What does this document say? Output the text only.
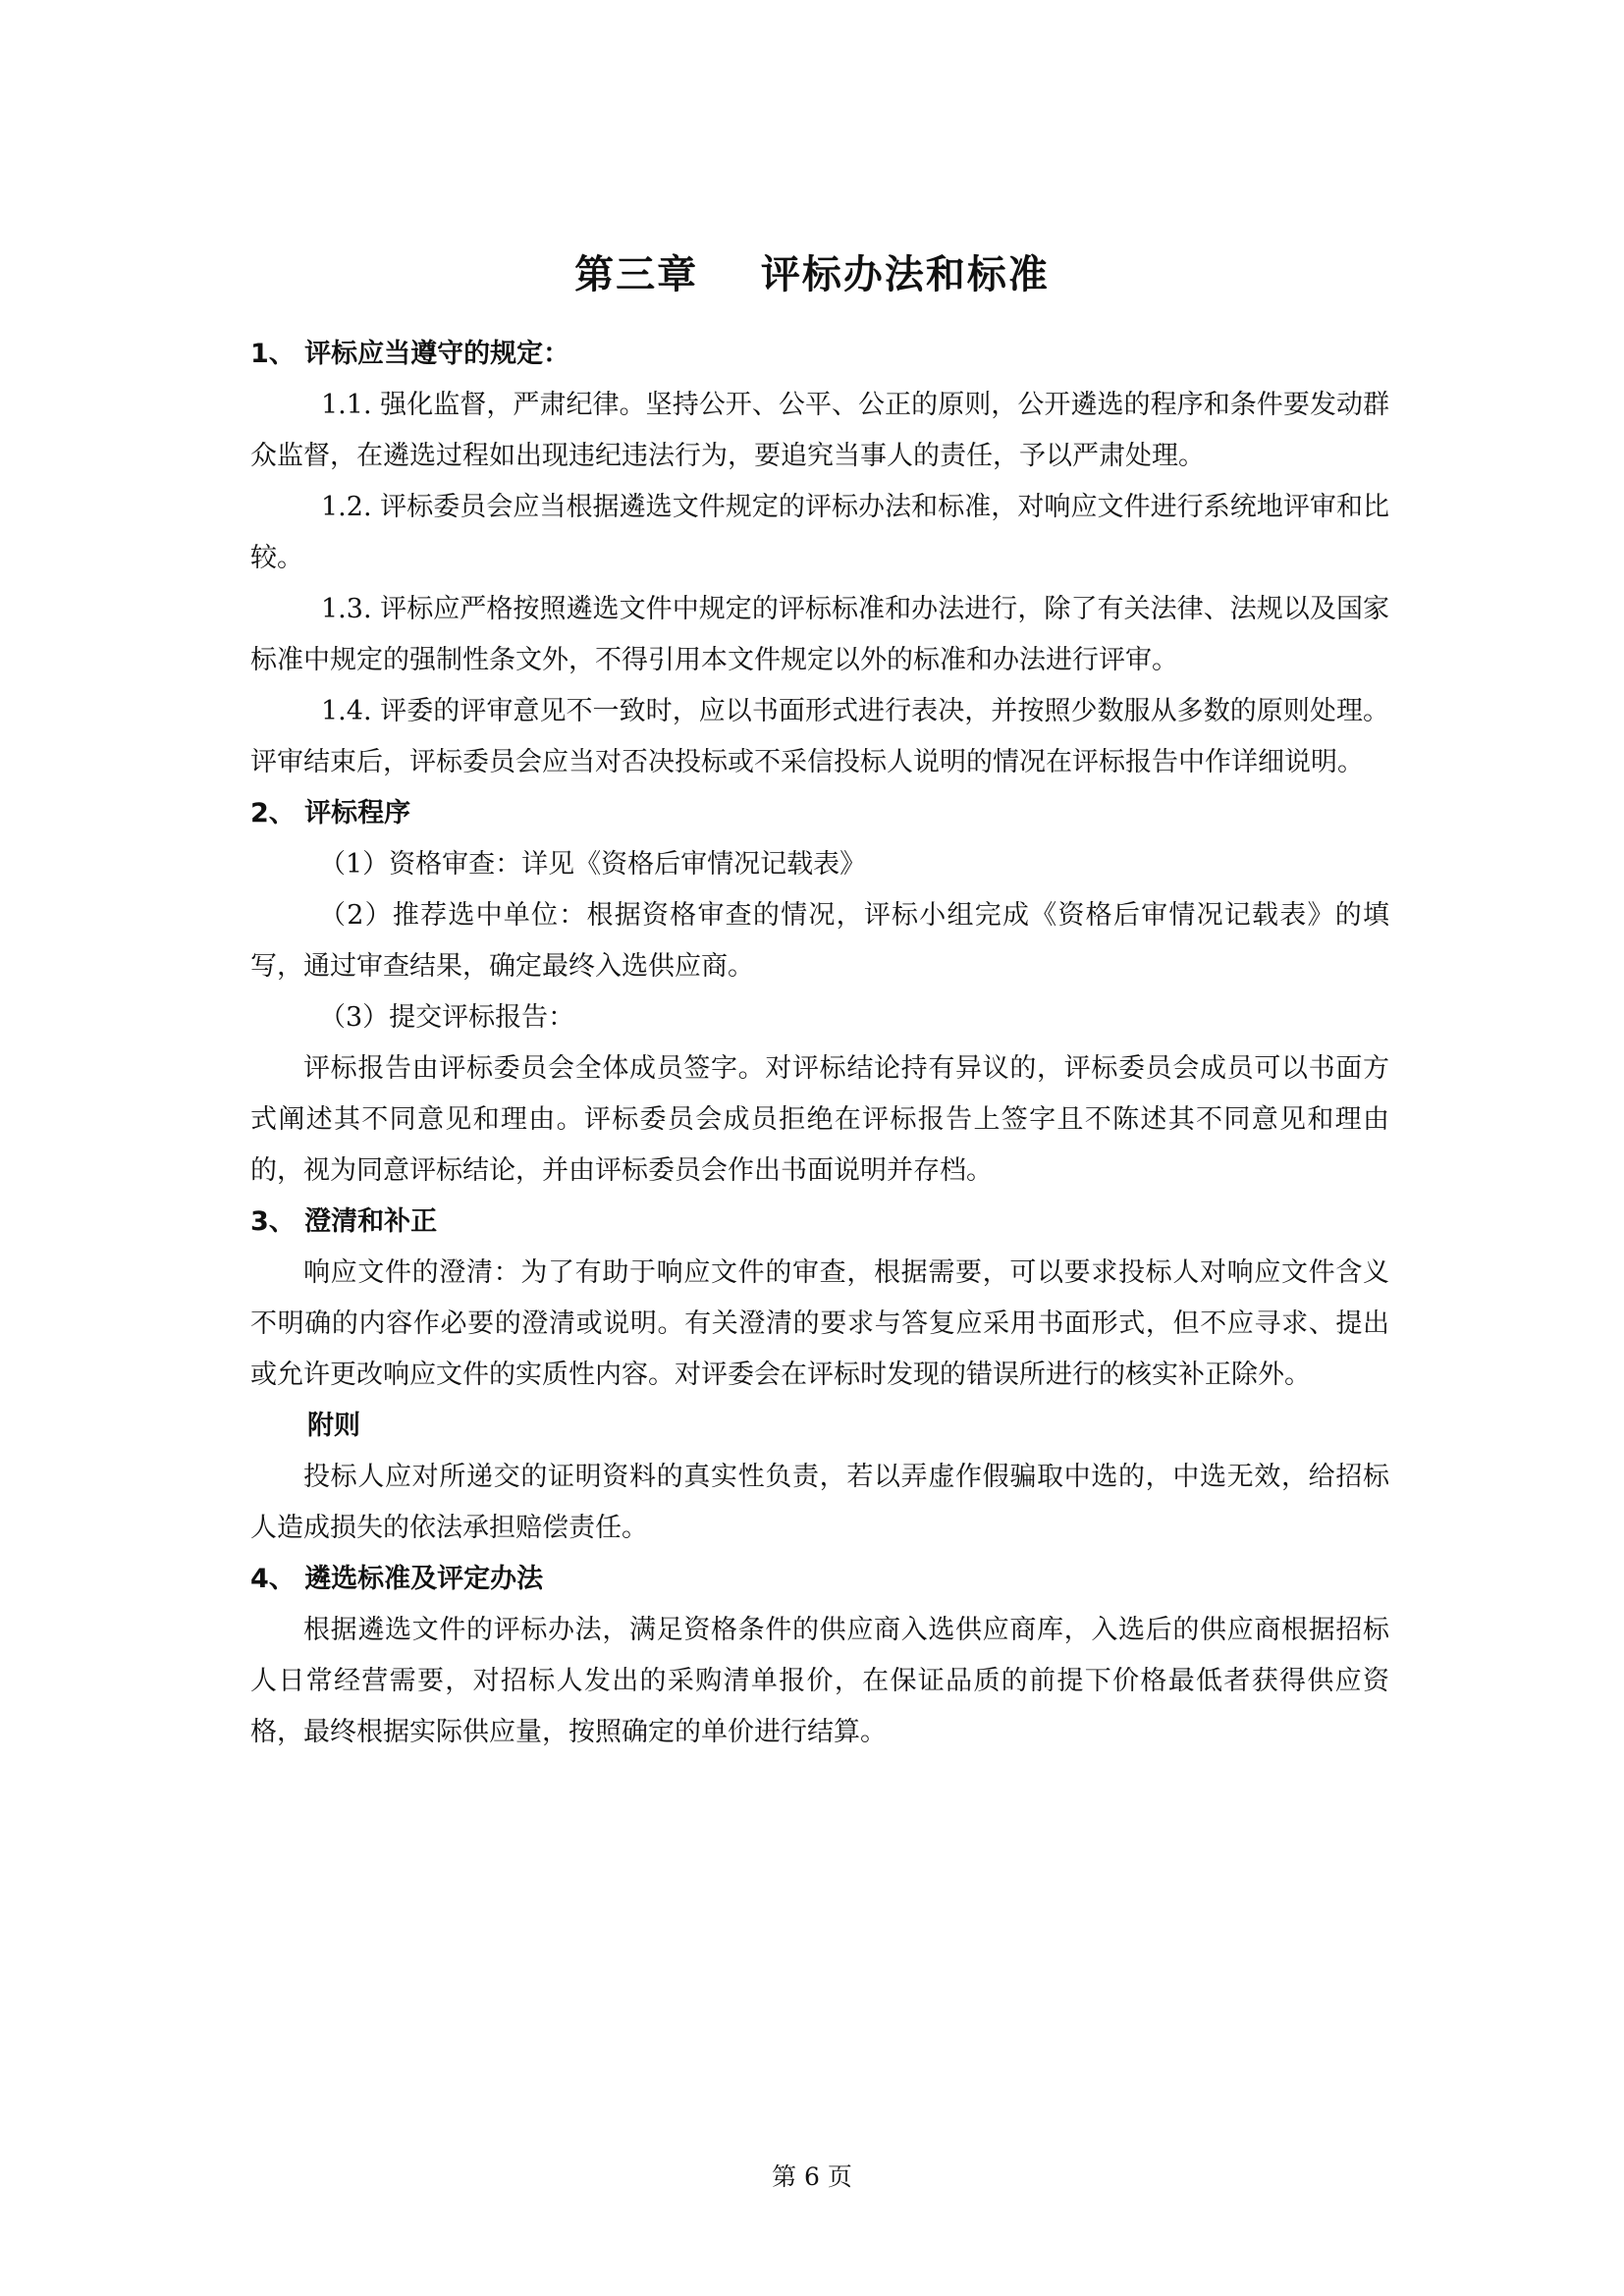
第三章    评标办法和标准

1、 评标应当遵守的规定：

1.1. 强化监督，严肃纪律。坚持公开、公平、公正的原则，公开遴选的程序和条件要发动群众监督，在遴选过程如出现违纪违法行为，要追究当事人的责任，予以严肃处理。

1.2. 评标委员会应当根据遴选文件规定的评标办法和标准，对响应文件进行系统地评审和比较。

1.3. 评标应严格按照遴选文件中规定的评标标准和办法进行，除了有关法律、法规以及国家标准中规定的强制性条文外，不得引用本文件规定以外的标准和办法进行评审。

1.4. 评委的评审意见不一致时，应以书面形式进行表决，并按照少数服从多数的原则处理。评审结束后，评标委员会应当对否决投标或不采信投标人说明的情况在评标报告中作详细说明。

2、 评标程序

（1）资格审查：详见《资格后审情况记载表》

（2）推荐选中单位：根据资格审查的情况，评标小组完成《资格后审情况记载表》的填写，通过审查结果，确定最终入选供应商。

（3）提交评标报告：

评标报告由评标委员会全体成员签字。对评标结论持有异议的，评标委员会成员可以书面方式阐述其不同意见和理由。评标委员会成员拒绝在评标报告上签字且不陈述其不同意见和理由的，视为同意评标结论，并由评标委员会作出书面说明并存档。

3、 澄清和补正

响应文件的澄清：为了有助于响应文件的审查，根据需要，可以要求投标人对响应文件含义不明确的内容作必要的澄清或说明。有关澄清的要求与答复应采用书面形式，但不应寻求、提出或允许更改响应文件的实质性内容。对评委会在评标时发现的错误所进行的核实补正除外。

附则

投标人应对所递交的证明资料的真实性负责，若以弄虚作假骗取中选的，中选无效，给招标人造成损失的依法承担赔偿责任。

4、 遴选标准及评定办法

根据遴选文件的评标办法，满足资格条件的供应商入选供应商库，入选后的供应商根据招标人日常经营需要，对招标人发出的采购清单报价，在保证品质的前提下价格最低者获得供应资格，最终根据实际供应量，按照确定的单价进行结算。

第 6 页
